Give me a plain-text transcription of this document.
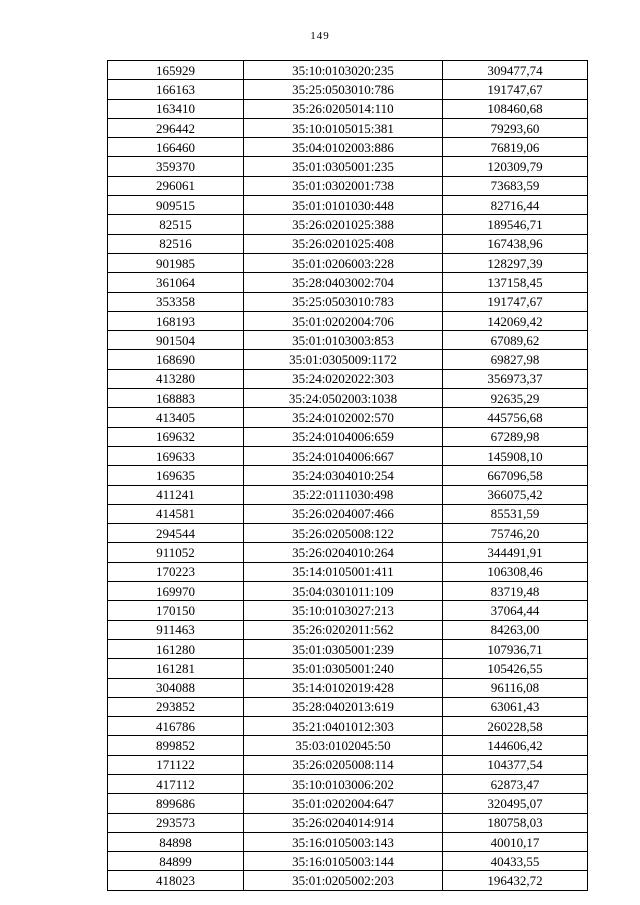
149
165929	35:10:0103020:235	309477,74
166163	35:25:0503010:786	191747,67
163410	35:26:0205014:110	108460,68
296442	35:10:0105015:381	79293,60
166460	35:04:0102003:886	76819,06
359370	35:01:0305001:235	120309,79
296061	35:01:0302001:738	73683,59
909515	35:01:0101030:448	82716,44
82515	35:26:0201025:388	189546,71
82516	35:26:0201025:408	167438,96
901985	35:01:0206003:228	128297,39
361064	35:28:0403002:704	137158,45
353358	35:25:0503010:783	191747,67
168193	35:01:0202004:706	142069,42
901504	35:01:0103003:853	67089,62
168690	35:01:0305009:1172	69827,98
413280	35:24:0202022:303	356973,37
168883	35:24:0502003:1038	92635,29
413405	35:24:0102002:570	445756,68
169632	35:24:0104006:659	67289,98
169633	35:24:0104006:667	145908,10
169635	35:24:0304010:254	667096,58
411241	35:22:0111030:498	366075,42
414581	35:26:0204007:466	85531,59
294544	35:26:0205008:122	75746,20
911052	35:26:0204010:264	344491,91
170223	35:14:0105001:411	106308,46
169970	35:04:0301011:109	83719,48
170150	35:10:0103027:213	37064,44
911463	35:26:0202011:562	84263,00
161280	35:01:0305001:239	107936,71
161281	35:01:0305001:240	105426,55
304088	35:14:0102019:428	96116,08
293852	35:28:0402013:619	63061,43
416786	35:21:0401012:303	260228,58
899852	35:03:0102045:50	144606,42
171122	35:26:0205008:114	104377,54
417112	35:10:0103006:202	62873,47
899686	35:01:0202004:647	320495,07
293573	35:26:0204014:914	180758,03
84898	35:16:0105003:143	40010,17
84899	35:16:0105003:144	40433,55
418023	35:01:0205002:203	196432,72
